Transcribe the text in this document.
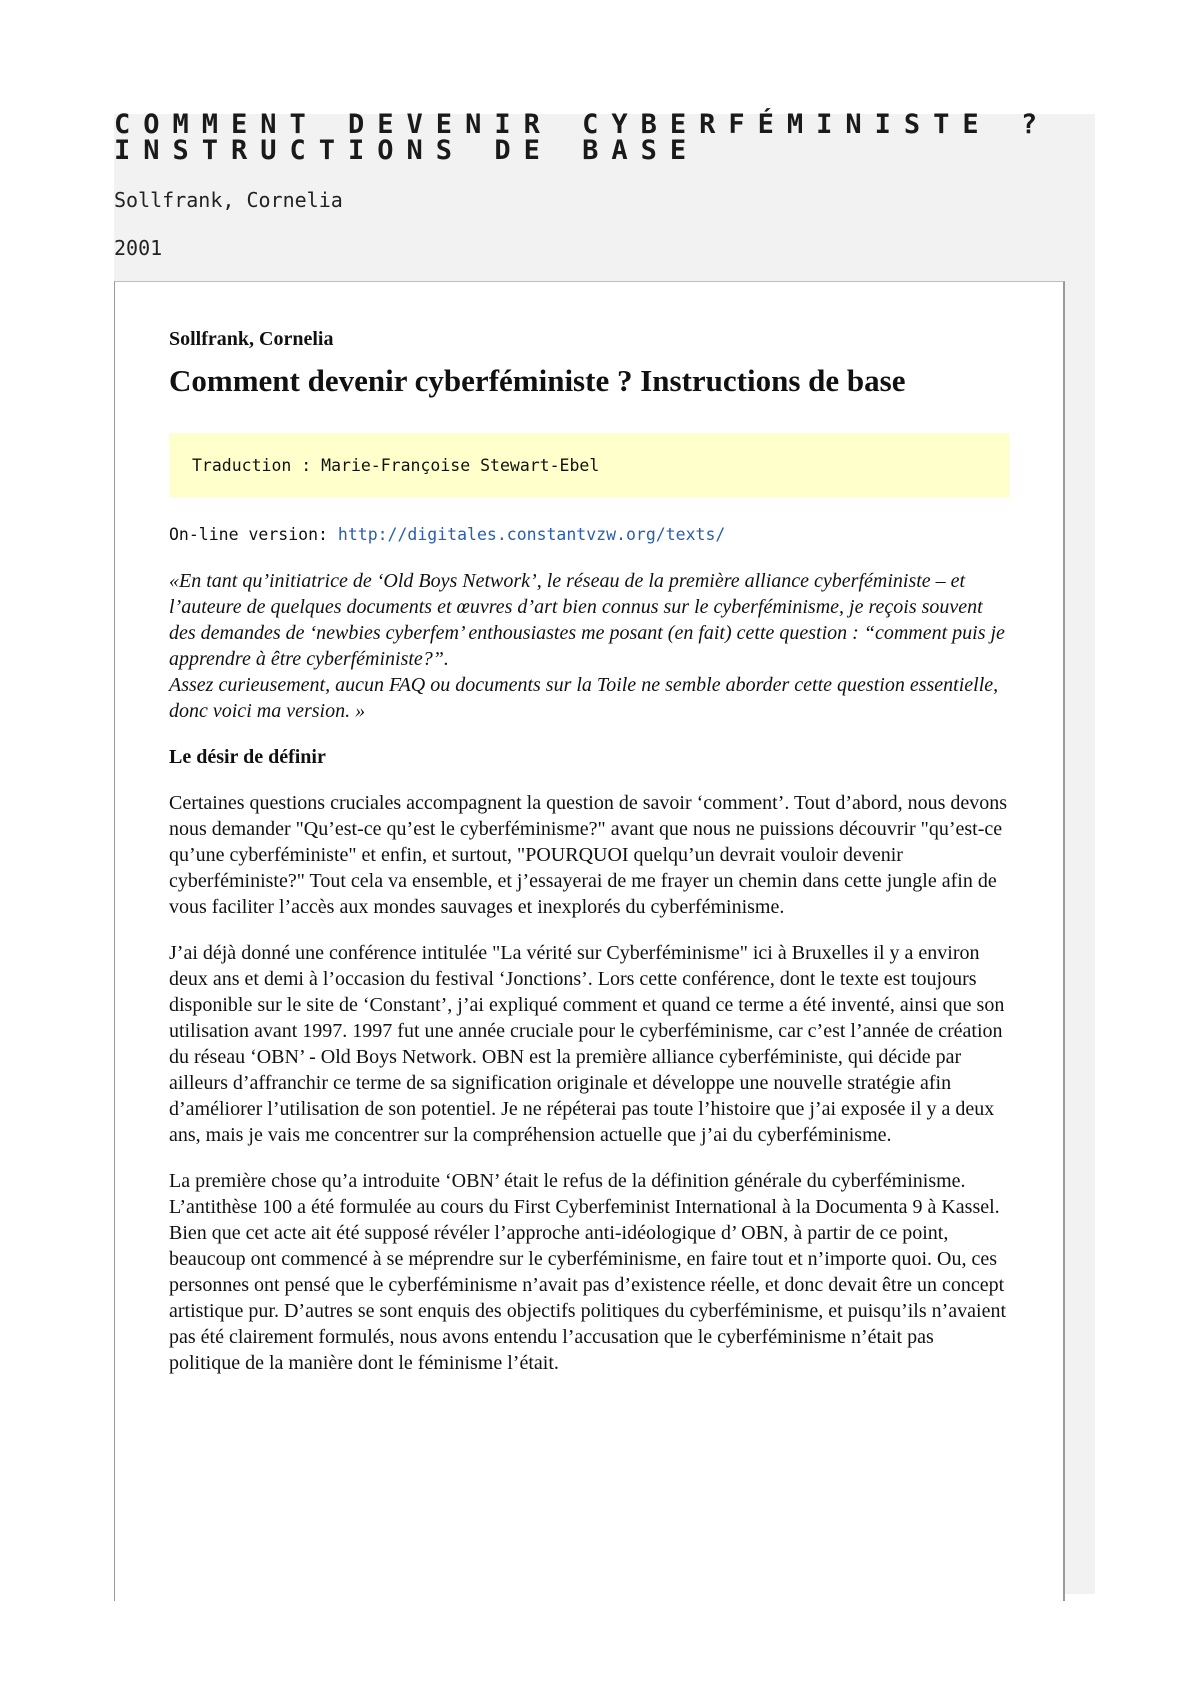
COMMENT DEVENIR CYBERFÉMINISTE ? INSTRUCTIONS DE BASE
Sollfrank, Cornelia
2001

Sollfrank, Cornelia

Comment devenir cyberféministe ? Instructions de base
Traduction : Marie-Françoise Stewart-Ebel
On-line version: http://digitales.constantvzw.org/texts/

«En tant qu’initiatrice de ‘Old Boys Network’, le réseau de la première alliance cyberféministe – et l’auteure de quelques documents et œuvres d’art bien connus sur le cyberféminisme, je reçois souvent des demandes de ‘newbies cyberfem’ enthousiastes me posant (en fait) cette question : “comment puis je apprendre à être cyberféministe?”.
Assez curieusement, aucun FAQ ou documents sur la Toile ne semble aborder cette question essentielle, donc voici ma version. »

Le désir de définir

Certaines questions cruciales accompagnent la question de savoir ‘comment’. Tout d’abord, nous devons nous demander "Qu’est-ce qu’est le cyberféminisme?" avant que nous ne puissions découvrir "qu’est-ce qu’une cyberféministe" et enfin, et surtout, "POURQUOI quelqu’un devrait vouloir devenir cyberféministe?" Tout cela va ensemble, et j’essayerai de me frayer un chemin dans cette jungle afin de vous faciliter l’accès aux mondes sauvages et inexplorés du cyberféminisme.

J’ai déjà donné une conférence intitulée "La vérité sur Cyberféminisme" ici à Bruxelles il y a environ deux ans et demi à l’occasion du festival ‘Jonctions’. Lors cette conférence, dont le texte est toujours disponible sur le site de ‘Constant’, j’ai expliqué comment et quand ce terme a été inventé, ainsi que son utilisation avant 1997. 1997 fut une année cruciale pour le cyberféminisme, car c’est l’année de création du réseau ‘OBN’ - Old Boys Network. OBN est la première alliance cyberféministe, qui décide par ailleurs d’affranchir ce terme de sa signification originale et développe une nouvelle stratégie afin d’améliorer l’utilisation de son potentiel. Je ne répéterai pas toute l’histoire que j’ai exposée il y a deux ans, mais je vais me concentrer sur la compréhension actuelle que j’ai du cyberféminisme.

La première chose qu’a introduite ‘OBN’ était le refus de la définition générale du cyberféminisme. L’antithèse 100 a été formulée au cours du First Cyberfeminist International à la Documenta 9 à Kassel. Bien que cet acte ait été supposé révéler l’approche anti-idéologique d’ OBN, à partir de ce point, beaucoup ont commencé à se méprendre sur le cyberféminisme, en faire tout et n’importe quoi. Ou, ces personnes ont pensé que le cyberféminisme n’avait pas d’existence réelle, et donc devait être un concept artistique pur. D’autres se sont enquis des objectifs politiques du cyberféminisme, et puisqu’ils n’avaient pas été clairement formulés, nous avons entendu l’accusation que le cyberféminisme n’était pas politique de la manière dont le féminisme l’était.
